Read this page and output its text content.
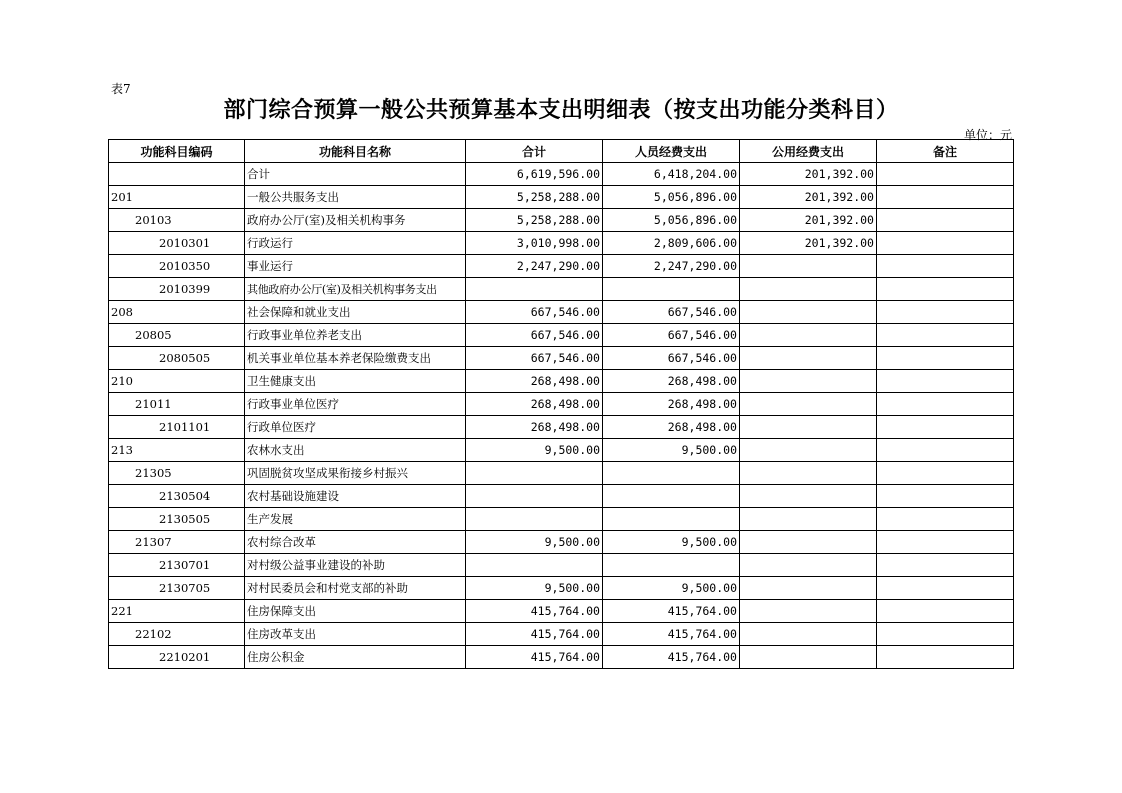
表7
部门综合预算一般公共预算基本支出明细表（按支出功能分类科目）
单位：元
功能科目编码	功能科目名称	合计	人员经费支出	公用经费支出	备注
	合计	6,619,596.00	6,418,204.00	201,392.00	
201	一般公共服务支出	5,258,288.00	5,056,896.00	201,392.00	
20103	政府办公厅(室)及相关机构事务	5,258,288.00	5,056,896.00	201,392.00	
2010301	行政运行	3,010,998.00	2,809,606.00	201,392.00	
2010350	事业运行	2,247,290.00	2,247,290.00		
2010399	其他政府办公厅(室)及相关机构事务支出				
208	社会保障和就业支出	667,546.00	667,546.00		
20805	行政事业单位养老支出	667,546.00	667,546.00		
2080505	机关事业单位基本养老保险缴费支出	667,546.00	667,546.00		
210	卫生健康支出	268,498.00	268,498.00		
21011	行政事业单位医疗	268,498.00	268,498.00		
2101101	行政单位医疗	268,498.00	268,498.00		
213	农林水支出	9,500.00	9,500.00		
21305	巩固脱贫攻坚成果衔接乡村振兴				
2130504	农村基础设施建设				
2130505	生产发展				
21307	农村综合改革	9,500.00	9,500.00		
2130701	对村级公益事业建设的补助				
2130705	对村民委员会和村党支部的补助	9,500.00	9,500.00		
221	住房保障支出	415,764.00	415,764.00		
22102	住房改革支出	415,764.00	415,764.00		
2210201	住房公积金	415,764.00	415,764.00		
